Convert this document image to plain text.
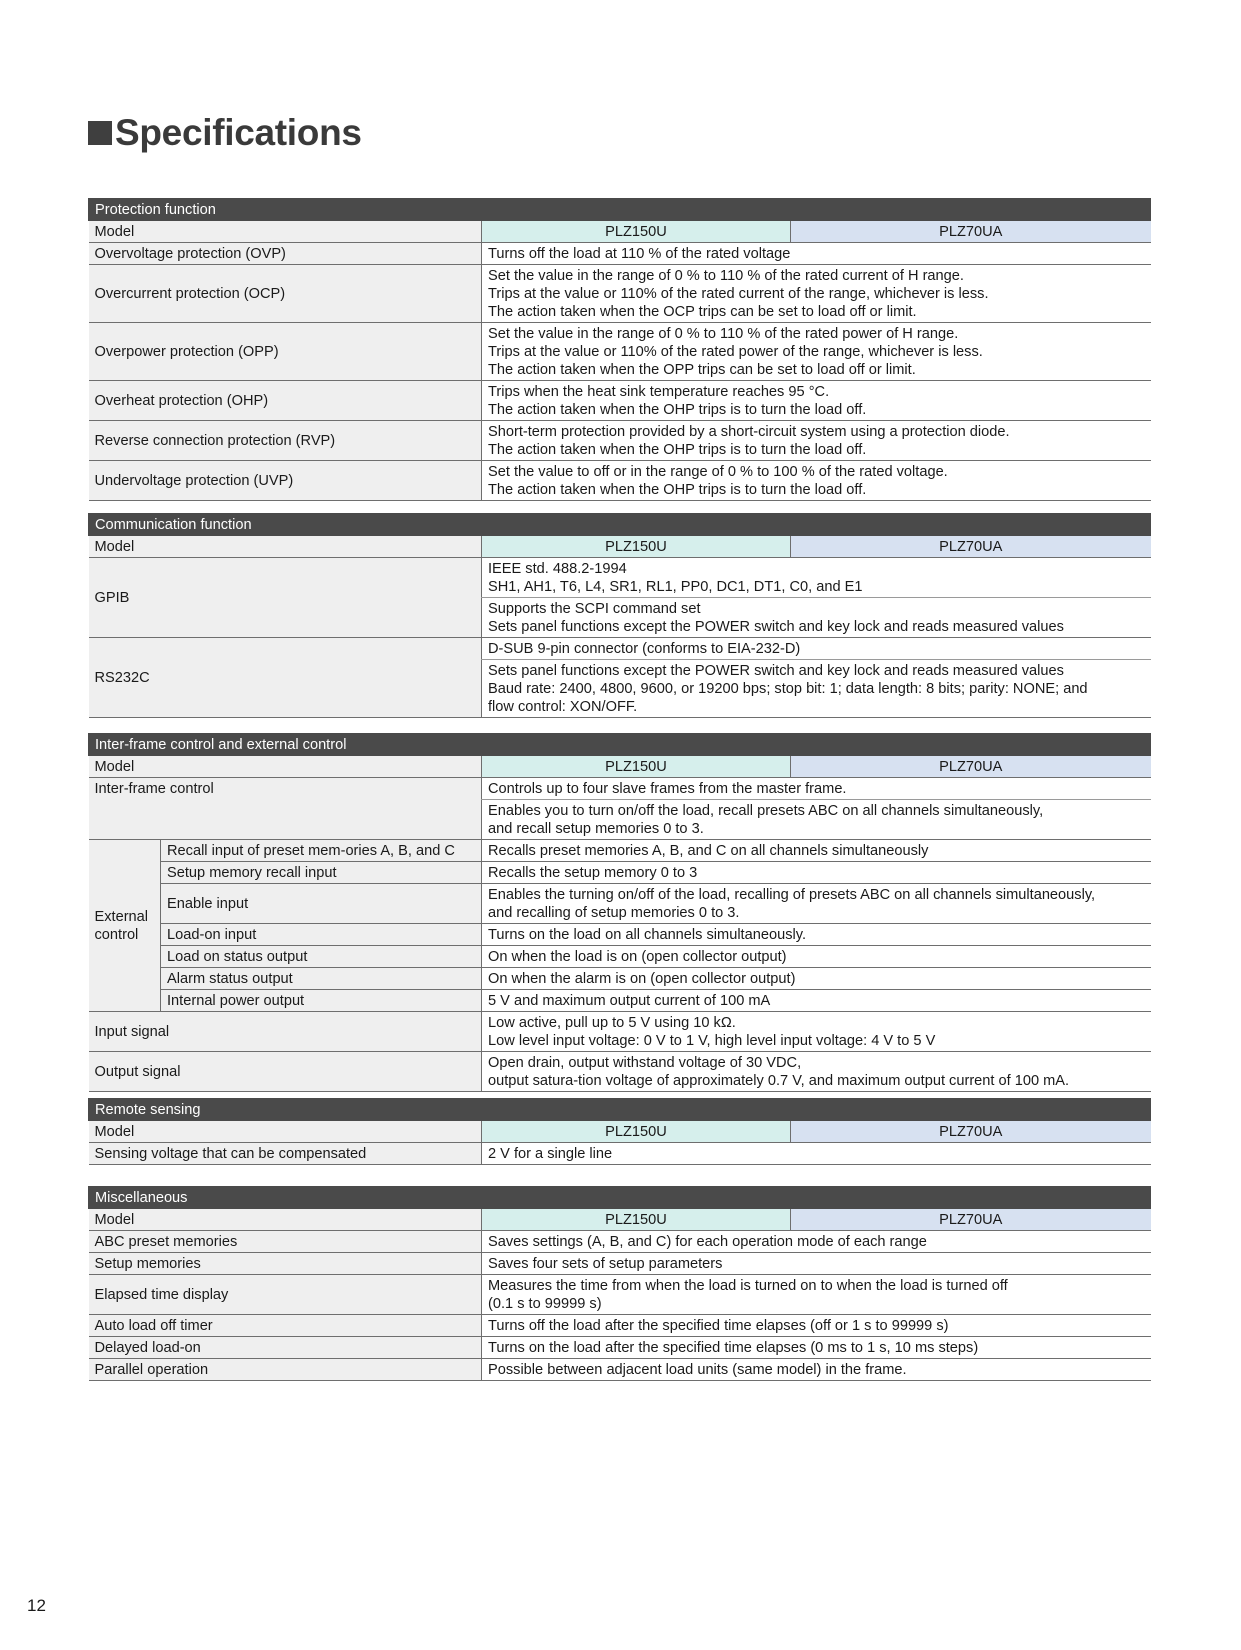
Specifications
Protection function		
Model	PLZ150U	PLZ70UA
Overvoltage protection (OVP)	Turns off the load at 110 % of the rated voltage	

Overcurrent protection (OCP)	Set the value in the range of 0 % to 110 % of the rated current of H range.
Trips at the value or 110% of the rated current of the range, whichever is less.
The action taken when the OCP trips can be set to load off or limit.	

Overpower protection (OPP)	Set the value in the range of 0 % to 110 % of the rated power of H range.
Trips at the value or 110% of the rated power of the range, whichever is less.
The action taken when the OPP trips can be set to load off or limit.	

Overheat protection (OHP)	Trips when the heat sink temperature reaches 95 °C.
The action taken when the OHP trips is to turn the load off.	

Reverse connection protection (RVP)	Short-term protection provided by a short-circuit system using a protection diode.
The action taken when the OHP trips is to turn the load off.	

Undervoltage protection (UVP)	Set the value to off or in the range of 0 % to 100 % of the rated voltage.
The action taken when the OHP trips is to turn the load off.	
Communication function		
Model	PLZ150U	PLZ70UA
GPIB	IEEE std. 488.2-1994
SH1, AH1, T6, L4, SR1, RL1, PP0, DC1, DT1, C0, and E1	

	Supports the SCPI command set
Sets panel functions except the POWER switch and key lock and reads measured values	

RS232C	D-SUB 9-pin connector (conforms to EIA-232-D)	

	Sets panel functions except the POWER switch and key lock and reads measured values
Baud rate: 2400, 4800, 9600, or 19200 bps; stop bit: 1; data length: 8 bits; parity: NONE; and
flow control: XON/OFF.	
Inter-frame control and external control			
Model		PLZ150U	PLZ70UA
Inter-frame control		Controls up to four slave frames from the master frame.	

		Enables you to turn on/off the load, recall presets ABC on all channels simultaneously,
and recall setup memories 0 to 3.	

External
control	Recall input of preset mem-ories A, B, and C	Recalls preset memories A, B, and C on all channels simultaneously	

	Setup memory recall input	Recalls the setup memory 0 to 3	

	Enable input	Enables the turning on/off of the load, recalling of presets ABC on all channels simultaneously,
and recalling of setup memories 0 to 3.	

	Load-on input	Turns on the load on all channels simultaneously.	

	Load on status output	On when the load is on (open collector output)	

	Alarm status output	On when the alarm is on (open collector output)	

	Internal power output	5 V and maximum output current of 100 mA	

Input signal		Low active, pull up to 5 V using 10 kΩ.
Low level input voltage: 0 V to 1 V, high level input voltage: 4 V to 5 V	

Output signal		Open drain, output withstand voltage of 30 VDC,
output satura-tion voltage of approximately 0.7 V, and maximum output current of 100 mA.	
Remote sensing		
Model	PLZ150U	PLZ70UA
Sensing voltage that can be compensated	2 V for a single line	
Miscellaneous		
Model	PLZ150U	PLZ70UA
ABC preset memories	Saves settings (A, B, and C) for each operation mode of each range	

Setup memories	Saves four sets of setup parameters	

Elapsed time display	Measures the time from when the load is turned on to when the load is turned off
(0.1 s to 99999 s)	

Auto load off timer	Turns off the load after the specified time elapses (off or 1 s to 99999 s)	

Delayed load-on	Turns on the load after the specified time elapses (0 ms to 1 s, 10 ms steps)	

Parallel operation	Possible between adjacent load units (same model) in the frame.	
12
